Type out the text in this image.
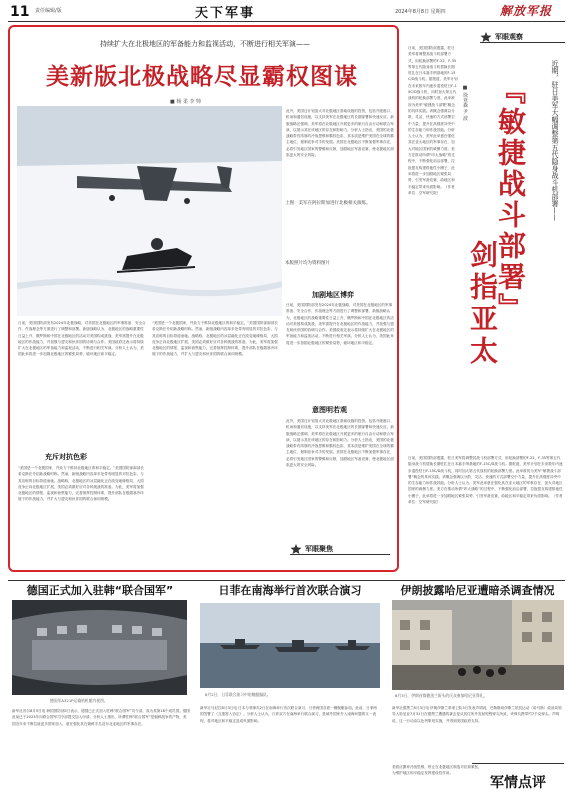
11 责任编辑/版	天下军事	2024年8月8日 星期四	解放军报
持续扩大在北极地区的军备能力和监视活动，不断进行相关军演——
美新版北极战略尽显霸权图谋
■ 杨 柔 李 帅
上图：美军在阿拉斯加进行北极相关演练。
本版照片均为资料图片
日前，美国国防部发布2024年北极战略，对美国在北极地区的军事准备、安全合作、作战理念等方面进行了调整和部署。新版战略认为，北极地区的战略重要性日益上升，俄罗斯和中国在北极地区的活动对美国构成挑战，美军需提升在北极地区的作战能力，并加强与盟友和伙伴国的协调与合作。美国政府还表示将持续扩大在北极地区的军备能力和监视活动，不断进行相关军演。分析人士认为，美国此举将进一步加剧北极地区的紧张局势，破坏地区和平稳定。
充斥对抗色彩
“美国是一个北极国家，并致力于维持北极地区的和平稳定。”美国国防部副部长希克斯在介绍新战略时称。然而，新版战略内容却多处带有明显的对抗色彩，与其宣称的目标背道而驰。战略称，北极地区的冰层融化正在改变地缘格局，大国竞争正向北极地区扩展，美国必须做好应对各种挑战的准备。为此，美军将加强北极地区的情报、监视和侦察能力，完善指挥控制体系，提升部队在极端寒冷环境下的作战能力，并扩大与盟友和伙伴国的联合演训规模。
“美国是一个北极国家，并致力于维持北极地区的和平稳定。”美国国防部副部长希克斯在介绍新战略时称。然而，新版战略内容却多处带有明显的对抗色彩，与其宣称的目标背道而驰。战略称，北极地区的冰层融化正在改变地缘格局，大国竞争正向北极地区扩展，美国必须做好应对各种挑战的准备。为此，美军将加强北极地区的情报、监视和侦察能力，完善指挥控制体系，提升部队在极端寒冷环境下的作战能力，并扩大与盟友和伙伴国的联合演训规模。
此外，美国还计划加大对北极地区基础设施的投资，包括升级港口、机场和通信设施，以支持美军在北极地区的长期部署和快速反应。新版战略还强调，美军将在北极地区开展更多的航行自由行动和联合军演，以展示其在该地区的存在和影响力。分析人士指出，美国的北极战略带有浓厚的冷战思维和霸权色彩，其本质是维护美国在全球的霸主地位，遏制竞争对手的发展。美国在北极地区不断加强军事存在，必将引发地区国家的警惕和反制，加剧地区军备竞赛，使北极地区面临更大的安全风险。
加剧地区博弈
日前，美国国防部发布2024年北极战略，对美国在北极地区的军事准备、安全合作、作战理念等方面进行了调整和部署。新版战略认为，北极地区的战略重要性日益上升，俄罗斯和中国在北极地区的活动对美国构成挑战，美军需提升在北极地区的作战能力，并加强与盟友和伙伴国的协调与合作。美国政府还表示将持续扩大在北极地区的军备能力和监视活动，不断进行相关军演。分析人士认为，美国此举将进一步加剧北极地区的紧张局势，破坏地区和平稳定。
意图明若观
此外，美国还计划加大对北极地区基础设施的投资，包括升级港口、机场和通信设施，以支持美军在北极地区的长期部署和快速反应。新版战略还强调，美军将在北极地区开展更多的航行自由行动和联合军演，以展示其在该地区的存在和影响力。分析人士指出，美国的北极战略带有浓厚的冷战思维和霸权色彩，其本质是维护美国在全球的霸主地位，遏制竞争对手的发展。美国在北极地区不断加强军事存在，必将引发地区国家的警惕和反制，加剧地区军备竞赛，使北极地区面临更大的安全风险。
军眼聚焦
军眼观察
近期，驻日美军大幅调整第五代隐身战斗机部署——
『敏捷战斗部署』
■ 徐亚森 尹 波
剑指亚太
日前，美国国防部透露，驻日美军将调整其战斗机部署方式，用轮换部署的F-22、F-35等第五代隐身战斗机替换长期驻扎在日本嘉手纳基地的F-15C/D战斗机。据报道，美军计划在未来数年内逐步退役驻日F-15C/D战斗机，同时加大第五代战机的轮换部署力度。此举被视为美军“敏捷战斗部署”概念的具体实践。该概念强调以分散、灵活、快速的方式部署空中力量，提升在高强度冲突中的生存能力和作战效能。分析人士认为，美军此举意在强化其在亚太地区的军事存在，加大对地区国家的威慑力度。美方在推动所谓“印太战略”的过程中，不断强化前沿部署，拉拢盟友构建排他性小圈子，此举将进一步加剧地区紧张局势，引发军备竞赛，给地区和平稳定带来负面影响。（作者单位：空军研究院）
日前，美国国防部透露，驻日美军将调整其战斗机部署方式，用轮换部署的F-22、F-35等第五代隐身战斗机替换长期驻扎在日本嘉手纳基地的F-15C/D战斗机。据报道，美军计划在未来数年内逐步退役驻日F-15C/D战斗机，同时加大第五代战机的轮换部署力度。此举被视为美军“敏捷战斗部署”概念的具体实践。该概念强调以分散、灵活、快速的方式部署空中力量，提升在高强度冲突中的生存能力和作战效能。分析人士认为，美军此举意在强化其在亚太地区的军事存在，加大对地区国家的威慑力度。美方在推动所谓“印太战略”的过程中，不断强化前沿部署，拉拢盟友构建排他性小圈子，此举将进一步加剧地区紧张局势，引发军备竞赛，给地区和平稳定带来负面影响。（作者单位：空军研究院）
德国正式加入驻韩“联合国军”
德国军A321P运输机机舱内视图。
新华社首尔8月5日电 韩国国防部5日表示，德国已正式加入驻韩“联合国军”司令部，成为其第18个成员国。德国此前已于2023年向联合国军司令部提交加入申请。分析人士指出，所谓驻韩“联合国军”是朝鲜战争的产物，美国近年来不断拉拢更多国家加入，意在强化其在朝鲜半岛及东北亚地区的军事存在。
日菲在南海举行首次联合演习
8月2日，日菲联合演习中的舰艇编队。
新华社马尼拉8月3日电 日本与菲律宾2日在南海举行首次联合演习，日菲两国各派一艘舰艇参加。此前，日菲两国签署了《互惠准入协定》。分析人士认为，日菲双方在南海举行联合演习，是域外国家介入南海问题的又一表现，将对地区和平稳定造成负面影响。
伊朗披露哈尼亚遭暗杀调查情况
8月3日，伊朗首都德黑兰街头的民众参加哈尼亚葬礼。
新华社德黑兰8月3日电 伊朗伊斯兰革命卫队3日发表声明说，巴勒斯坦伊斯兰抵抗运动（哈马斯）政治局领导人哈尼亚7月31日在德黑兰遭遇的袭击是从其住所外发射短程弹丸所致，该弹丸携带约7千克弹头。声明说，这一行动由以色列策划实施，并得到美国政府支持。
美欧应摒弃冷战思维，停止在北极地区制造对抗和紧张，为维护地区和平稳定发挥建设性作用。
军情点评
